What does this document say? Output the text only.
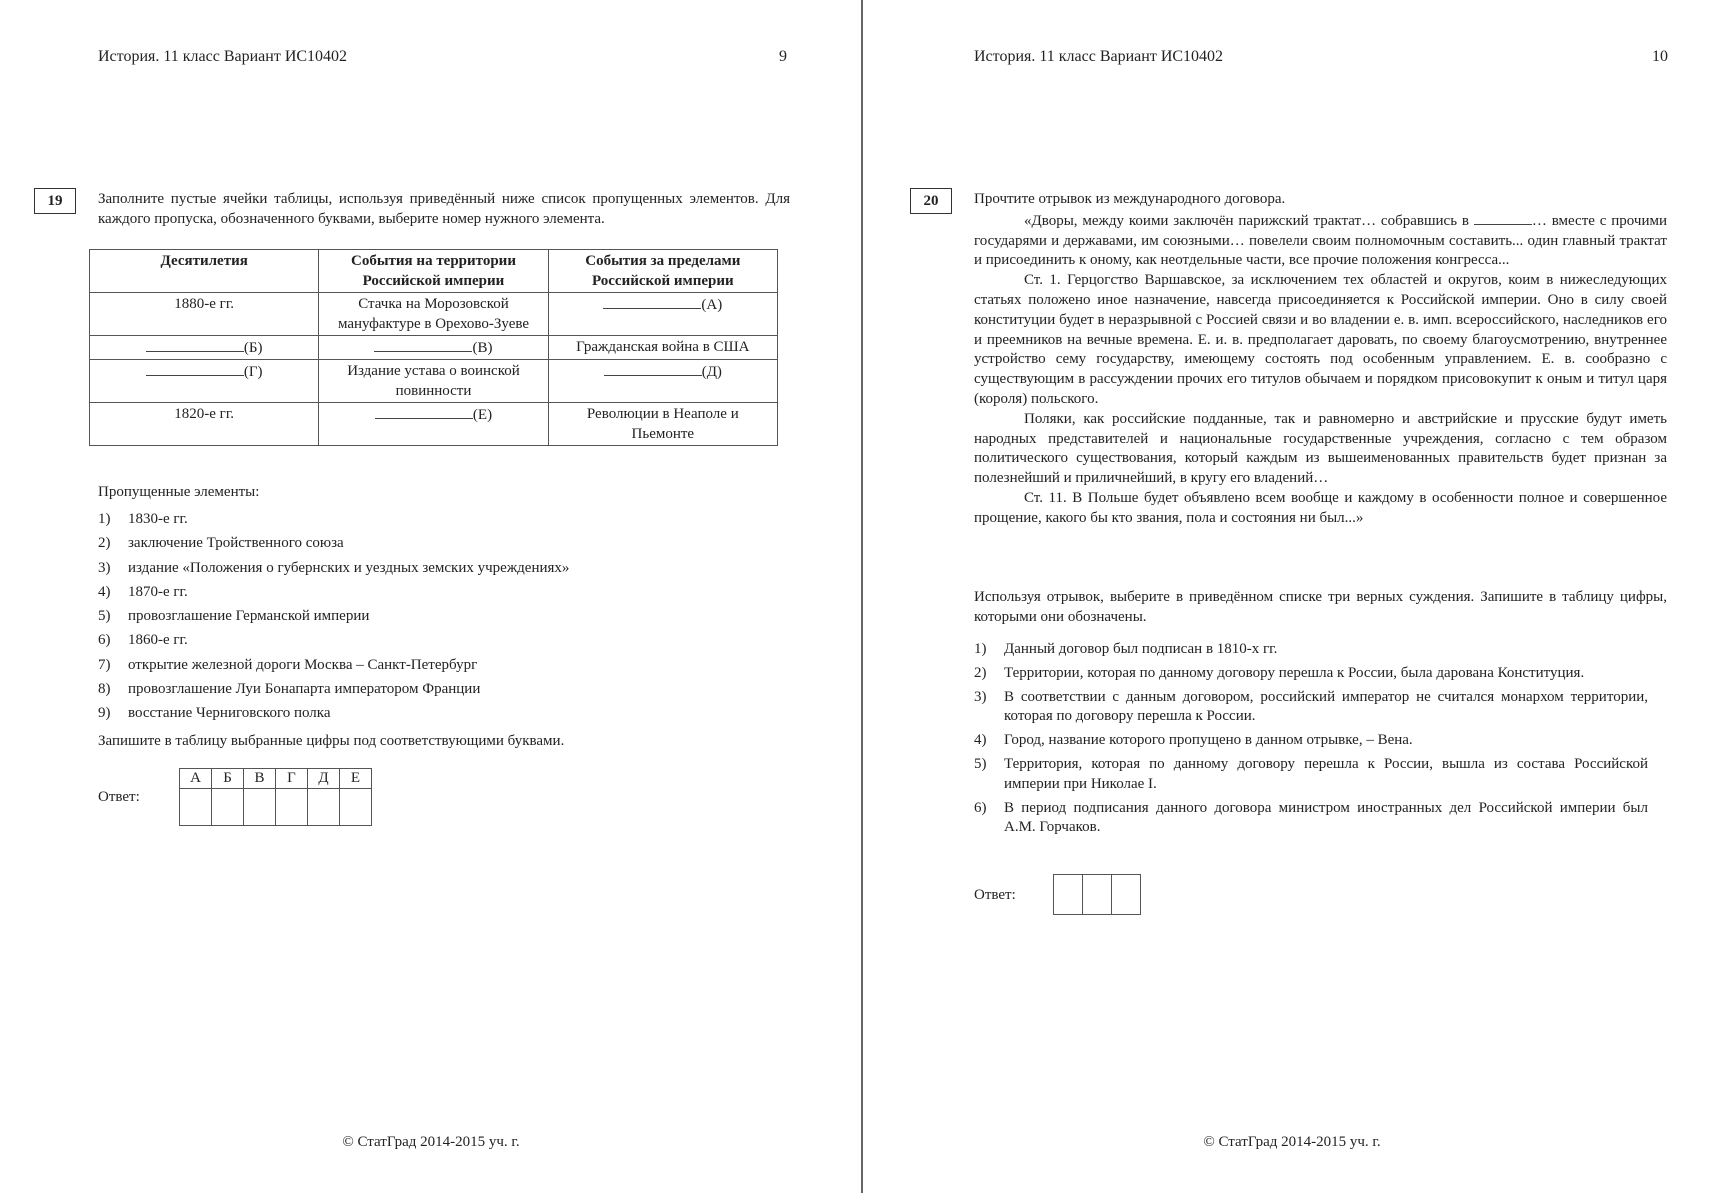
История. 11 класс Вариант ИС10402	9
19	Заполните пустые ячейки таблицы, используя приведённый ниже список пропущенных элементов. Для каждого пропуска, обозначенного буквами, выберите номер нужного элемента.
Десятилетия	События на территории Российской империи	События за пределами Российской империи
1880-е гг.	Стачка на Морозовской мануфактуре в Орехово-Зуеве	(А)
(Б)	(В)	Гражданская война в США
(Г)	Издание устава о воинской повинности	(Д)
1820-е гг.	(Е)	Революции в Неаполе и Пьемонте
Пропущенные элементы:
1)	1830-е гг.
2)	заключение Тройственного союза
3)	издание «Положения о губернских и уездных земских учреждениях»
4)	1870-е гг.
5)	провозглашение Германской империи
6)	1860-е гг.
7)	открытие железной дороги Москва – Санкт-Петербург
8)	провозглашение Луи Бонапарта императором Франции
9)	восстание Черниговского полка
Запишите в таблицу выбранные цифры под соответствующими буквами.
Ответ:
А	Б	В	Г	Д	Е

© СтатГрад 2014-2015 уч. г.
История. 11 класс Вариант ИС10402	10
20	Прочтите отрывок из международного договора.

«Дворы, между коими заключён парижский трактат… собравшись в	… вместе с прочими государями и державами, им союзными… повелели своим полномочным составить... один главный трактат и присоединить к оному, как неотдельные части, все прочие положения конгресса...

Ст. 1. Герцогство Варшавское, за исключением тех областей и округов, коим в нижеследующих статьях положено иное назначение, навсегда присоединяется к Российской империи. Оно в силу своей конституции будет в неразрывной с Россией связи и во владении е. в. имп. всероссийского, наследников его и преемников на вечные времена. Е. и. в. предполагает даровать, по своему благоусмотрению, внутреннее устройство сему государству, имеющему состоять под особенным управлением. Е. в. сообразно с существующим в рассуждении прочих его титулов обычаем и порядком присовокупит к оным и титул царя (короля) польского.

Поляки, как российские подданные, так и равномерно и австрийские и прусские будут иметь народных представителей и национальные государственные учреждения, согласно с тем образом политического существования, который каждым из вышеименованных правительств будет признан за полезнейший и приличнейший, в кругу его владений…

Ст. 11. В Польше будет объявлено всем вообще и каждому в особенности полное и совершенное прощение, какого бы кто звания, пола и состояния ни был...»

Используя отрывок, выберите в приведённом списке три верных суждения. Запишите в таблицу цифры, которыми они обозначены.
1)	Данный договор был подписан в 1810-х гг.
2)	Территории, которая по данному договору перешла к России, была дарована Конституция.
3)	В соответствии с данным договором, российский император не считался монархом территории, которая по договору перешла к России.
4)	Город, название которого пропущено в данном отрывке, – Вена.
5)	Территория, которая по данному договору перешла к России, вышла из состава Российской империи при Николае I.
6)	В период подписания данного договора министром иностранных дел Российской империи был А.М. Горчаков.
Ответ:

© СтатГрад 2014-2015 уч. г.
